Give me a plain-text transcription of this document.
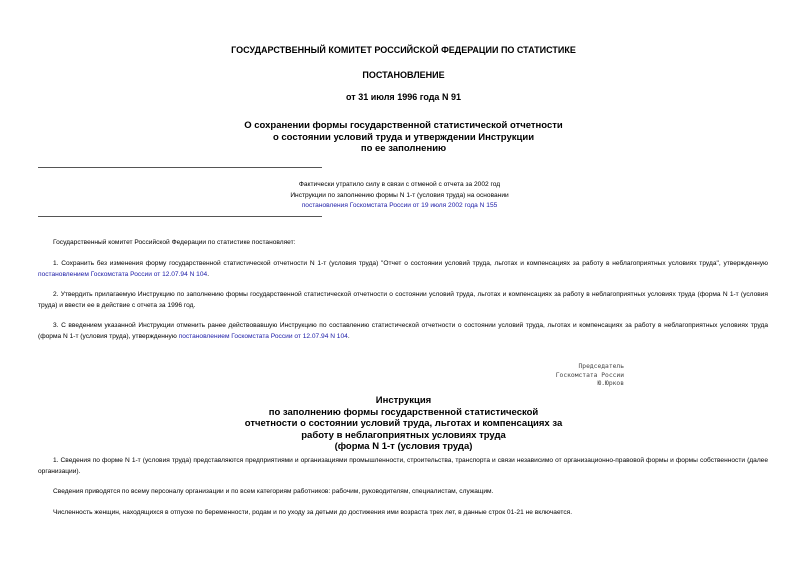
ГОСУДАРСТВЕННЫЙ КОМИТЕТ РОССИЙСКОЙ ФЕДЕРАЦИИ ПО СТАТИСТИКЕ
ПОСТАНОВЛЕНИЕ
от 31 июля 1996 года N 91
О сохранении формы государственной статистической отчетности
о состоянии условий труда и утверждении Инструкции
по ее заполнению
Фактически утратило силу в связи с отменой с отчета за 2002 год
Инструкции по заполнению формы N 1-т (условия труда) на основании
постановления Госкомстата России от 19 июля 2002 года N 155
Государственный комитет Российской Федерации по статистике постановляет:
1. Сохранить без изменения форму государственной статистической отчетности N 1-т (условия труда) "Отчет о состоянии условий труда, льготах и компенсациях за работу в неблагоприятных условиях труда", утвержденную постановлением Госкомстата России от 12.07.94 N 104.
2. Утвердить прилагаемую Инструкцию по заполнению формы государственной статистической отчетности о состоянии условий труда, льготах и компенсациях за работу в неблагоприятных условиях труда (форма N 1-т (условия труда) и ввести ее в действие с отчета за 1996 год.
3. С введением указанной Инструкции отменить ранее действовавшую Инструкцию по составлению статистической отчетности о состоянии условий труда, льготах и компенсациях за работу в неблагоприятных условиях труда (форма N 1-т (условия труда), утвержденную постановлением Госкомстата России от 12.07.94 N 104.
Председатель
Госкомстата России
Ю.Юрков
Инструкция
по заполнению формы государственной статистической
отчетности о состоянии условий труда, льготах и компенсациях за
работу в неблагоприятных условиях труда
(форма N 1-т (условия труда)
1. Сведения по форме N 1-т (условия труда) представляются предприятиями и организациями промышленности, строительства, транспорта и связи независимо от организационно-правовой формы и формы собственности (далее организации).
Сведения приводятся по всему персоналу организации и по всем категориям работников: рабочим, руководителям, специалистам, служащим.
Численность женщин, находящихся в отпуске по беременности, родам и по уходу за детьми до достижения ими возраста трех лет, в данные строк 01-21 не включается.
